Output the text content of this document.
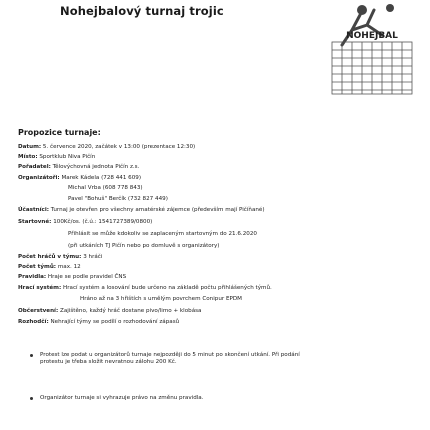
Nohejbalový turnaj trojic
NOHEJBAL
Propozice turnaje:
Datum: 5. července 2020, začátek v 13:00 (prezentace 12:30)
Místo: Sportklub Niva Pičín
Pořadatel: Tělovýchovná jednota Pičín z.s.
Organizátoři: Marek Kádela (728 441 609)
Michal Vrba (608 778 843)
Pavel "Bohuš" Berčík (732 827 449)
Účastníci: Turnaj je otevřen pro všechny amatérské zájemce (především mají Pičíňané)
Startovné: 100Kč/os. (č.ú.: 1541727389/0800)
Přihlásit se může kdokoliv se zaplaceným startovným do 21.6.2020
(při utkáních TJ Pičín nebo po domluvě s organizátory)
Počet hráčů v týmu: 3 hráči
Počet týmů: max. 12
Pravidla: Hraje se podle pravidel ČNS
Hrací systém: Hrací systém a losování bude určeno na základě počtu přihlášených týmů.
Hráno až na 3 hřištích s umělým povrchem Conipur EPDM
Občerstvení: Zajištěno, každý hráč dostane pivo/limo + klobása
Rozhodčí: Nehrající týmy se podílí o rozhodování zápasů
Protest lze podat u organizátorů turnaje nejpozději do 5 minut po skončení utkání. Při podání protestu je třeba složit nevratnou zálohu 200 Kč.
Organizátor turnaje si vyhrazuje právo na změnu pravidla.
